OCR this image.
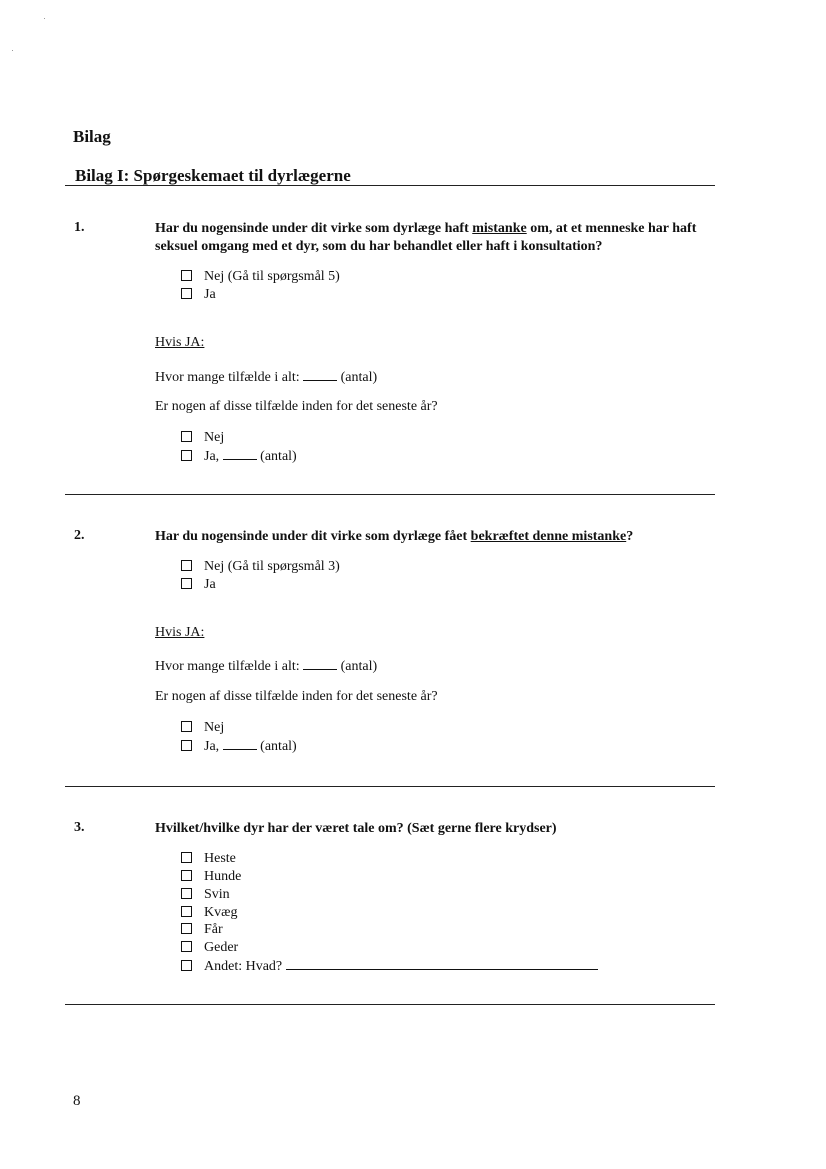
Bilag
Bilag I: Spørgeskemaet til dyrlægerne
1.	Har du nogensinde under dit virke som dyrlæge haft mistanke om, at et menneske har haft seksuel omgang med et dyr, som du har behandlet eller haft i konsultation?
Nej (Gå til spørgsmål 5)
Ja
Hvis JA:
Hvor mange tilfælde i alt:	(antal)
Er nogen af disse tilfælde inden for det seneste år?
Nej
Ja,	(antal)
2.	Har du nogensinde under dit virke som dyrlæge fået bekræftet denne mistanke?
Nej (Gå til spørgsmål 3)
Ja
Hvis JA:
Hvor mange tilfælde i alt:	(antal)
Er nogen af disse tilfælde inden for det seneste år?
Nej
Ja,	(antal)
3.	Hvilket/hvilke dyr har der været tale om? (Sæt gerne flere krydser)
Heste
Hunde
Svin
Kvæg
Får
Geder
Andet: Hvad?
8
